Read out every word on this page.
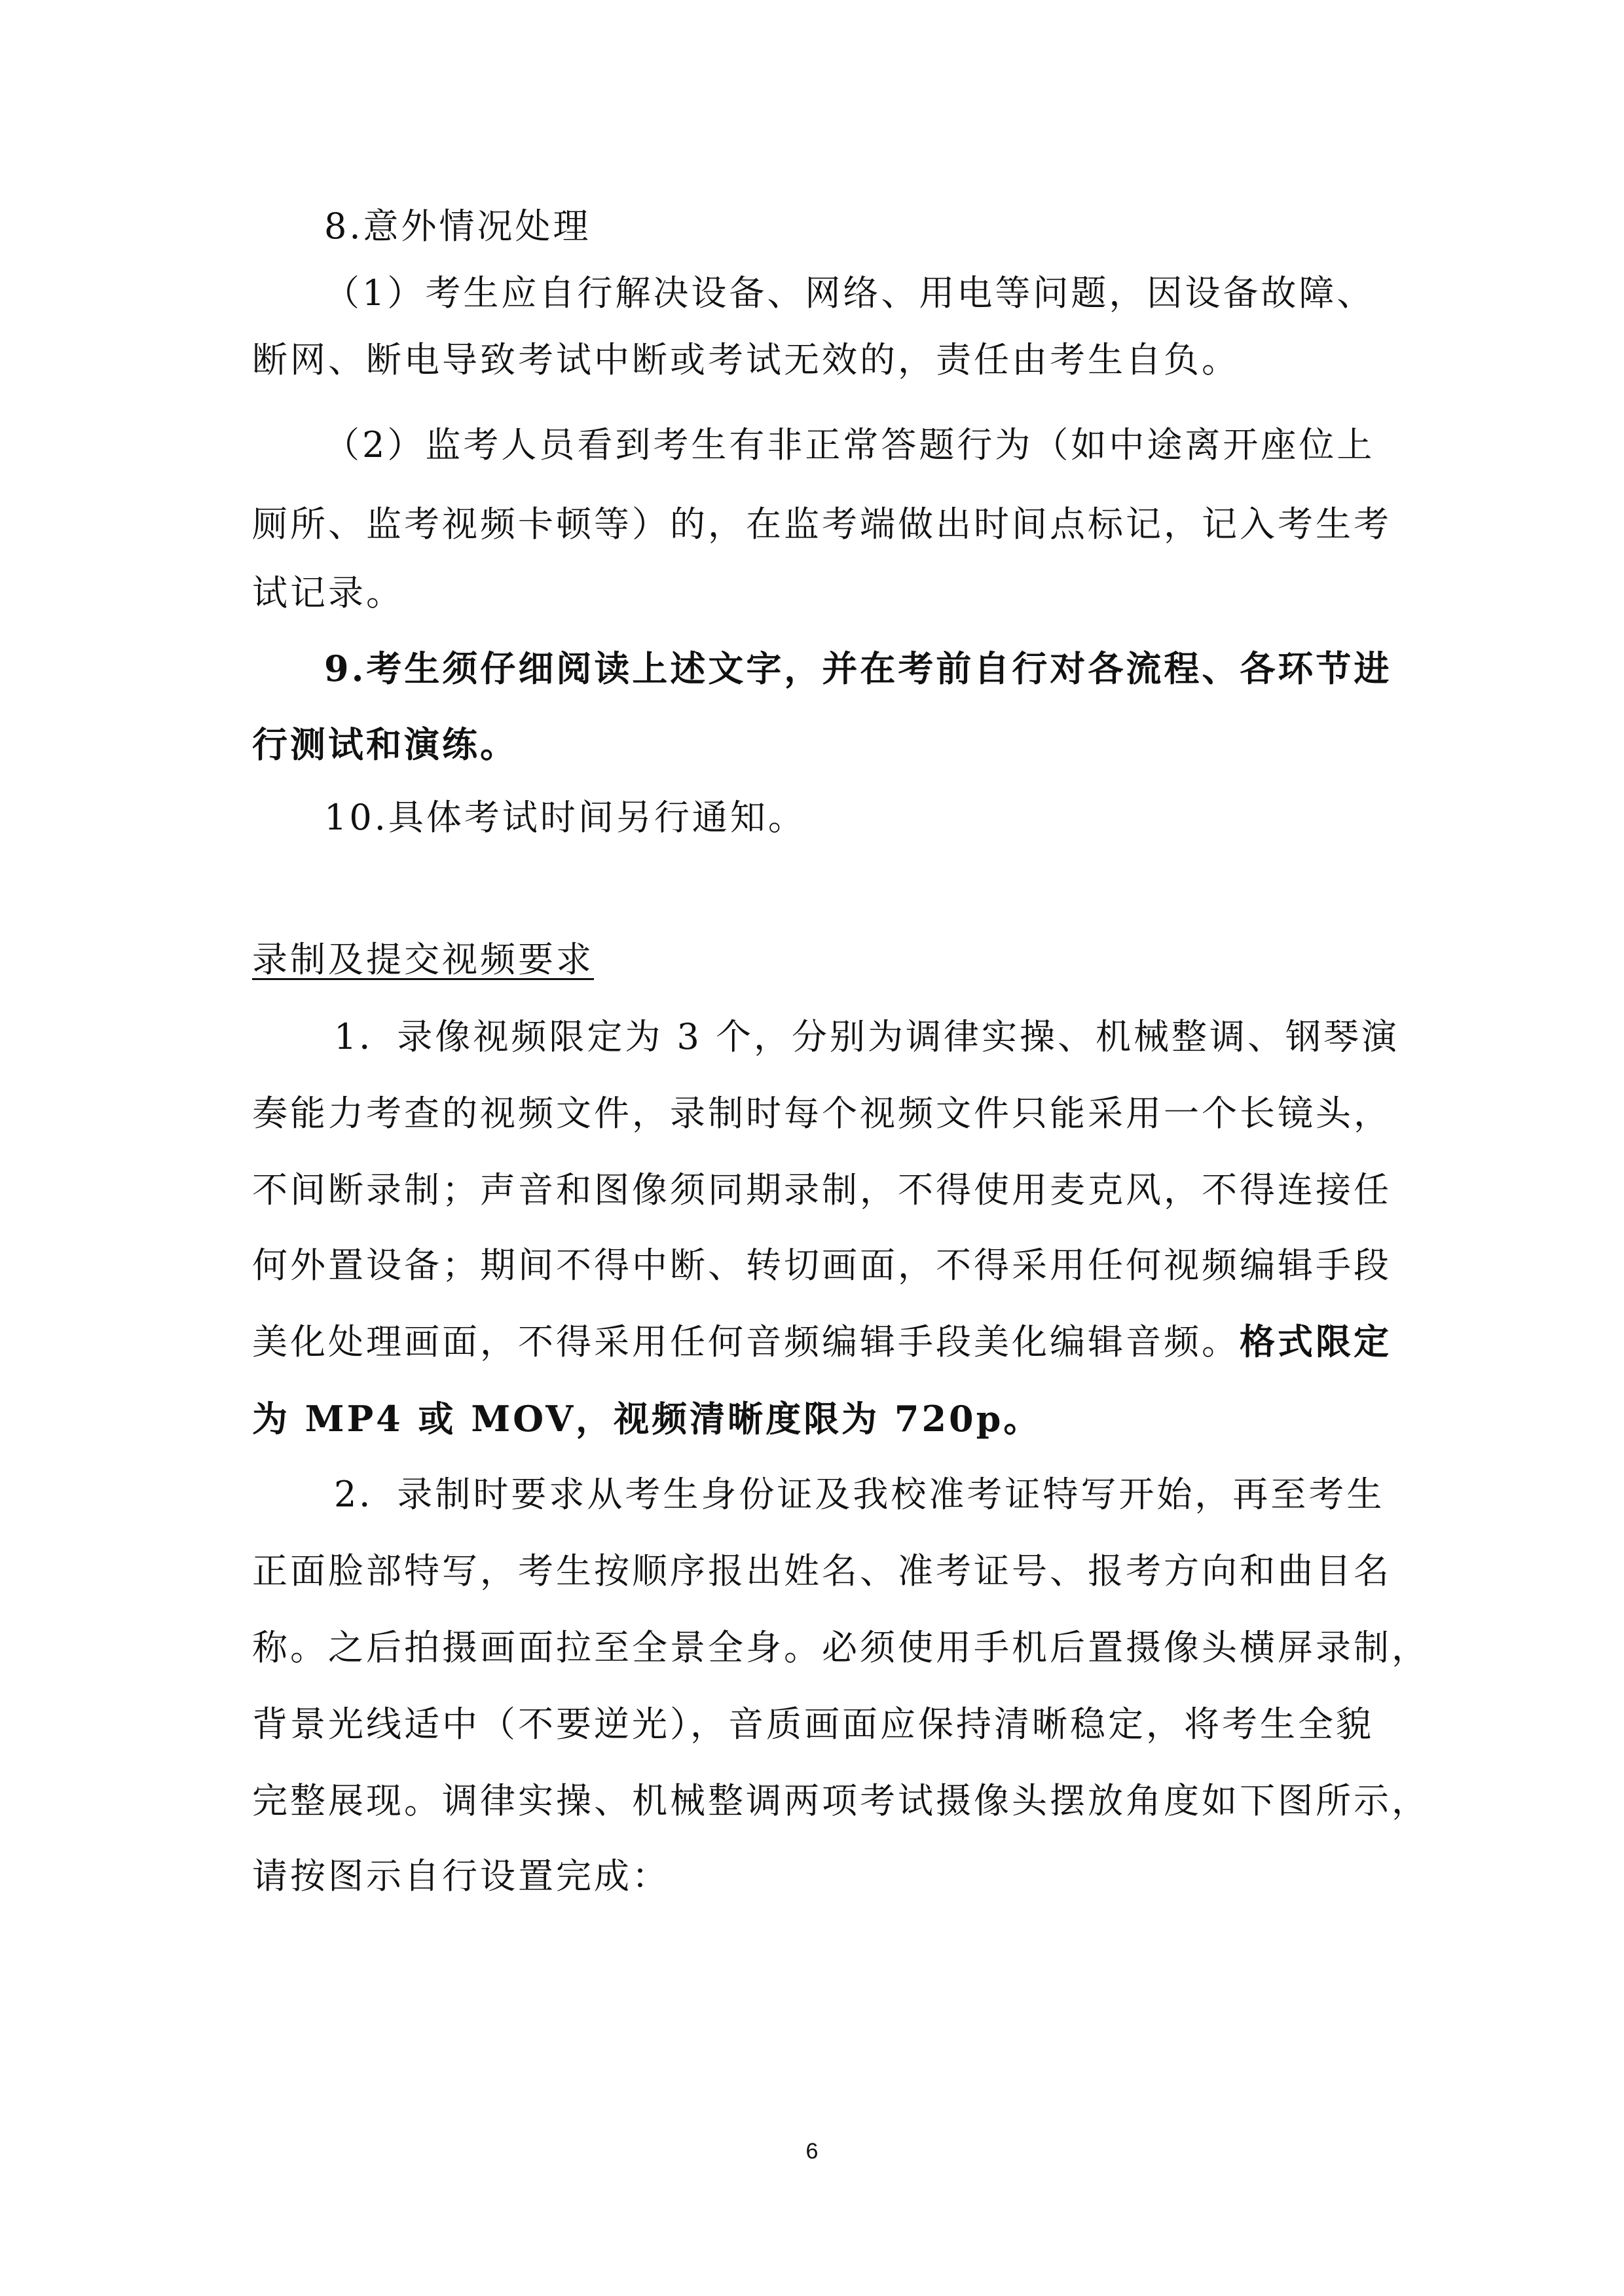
8.意外情况处理
（1）考生应自行解决设备、网络、用电等问题，因设备故障、
断网、断电导致考试中断或考试无效的，责任由考生自负。
（2）监考人员看到考生有非正常答题行为（如中途离开座位上
厕所、监考视频卡顿等）的，在监考端做出时间点标记，记入考生考
试记录。
9.考生须仔细阅读上述文字，并在考前自行对各流程、各环节进
行测试和演练。
10.具体考试时间另行通知。
录制及提交视频要求
1．录像视频限定为 3 个，分别为调律实操、机械整调、钢琴演
奏能力考查的视频文件，录制时每个视频文件只能采用一个长镜头，
不间断录制；声音和图像须同期录制，不得使用麦克风，不得连接任
何外置设备；期间不得中断、转切画面，不得采用任何视频编辑手段
美化处理画面，不得采用任何音频编辑手段美化编辑音频。格式限定
为 MP4 或 MOV，视频清晰度限为 720p。
2．录制时要求从考生身份证及我校准考证特写开始，再至考生
正面脸部特写，考生按顺序报出姓名、准考证号、报考方向和曲目名
称。之后拍摄画面拉至全景全身。必须使用手机后置摄像头横屏录制，
背景光线适中（不要逆光），音质画面应保持清晰稳定，将考生全貌
完整展现。调律实操、机械整调两项考试摄像头摆放角度如下图所示，
请按图示自行设置完成：
6
